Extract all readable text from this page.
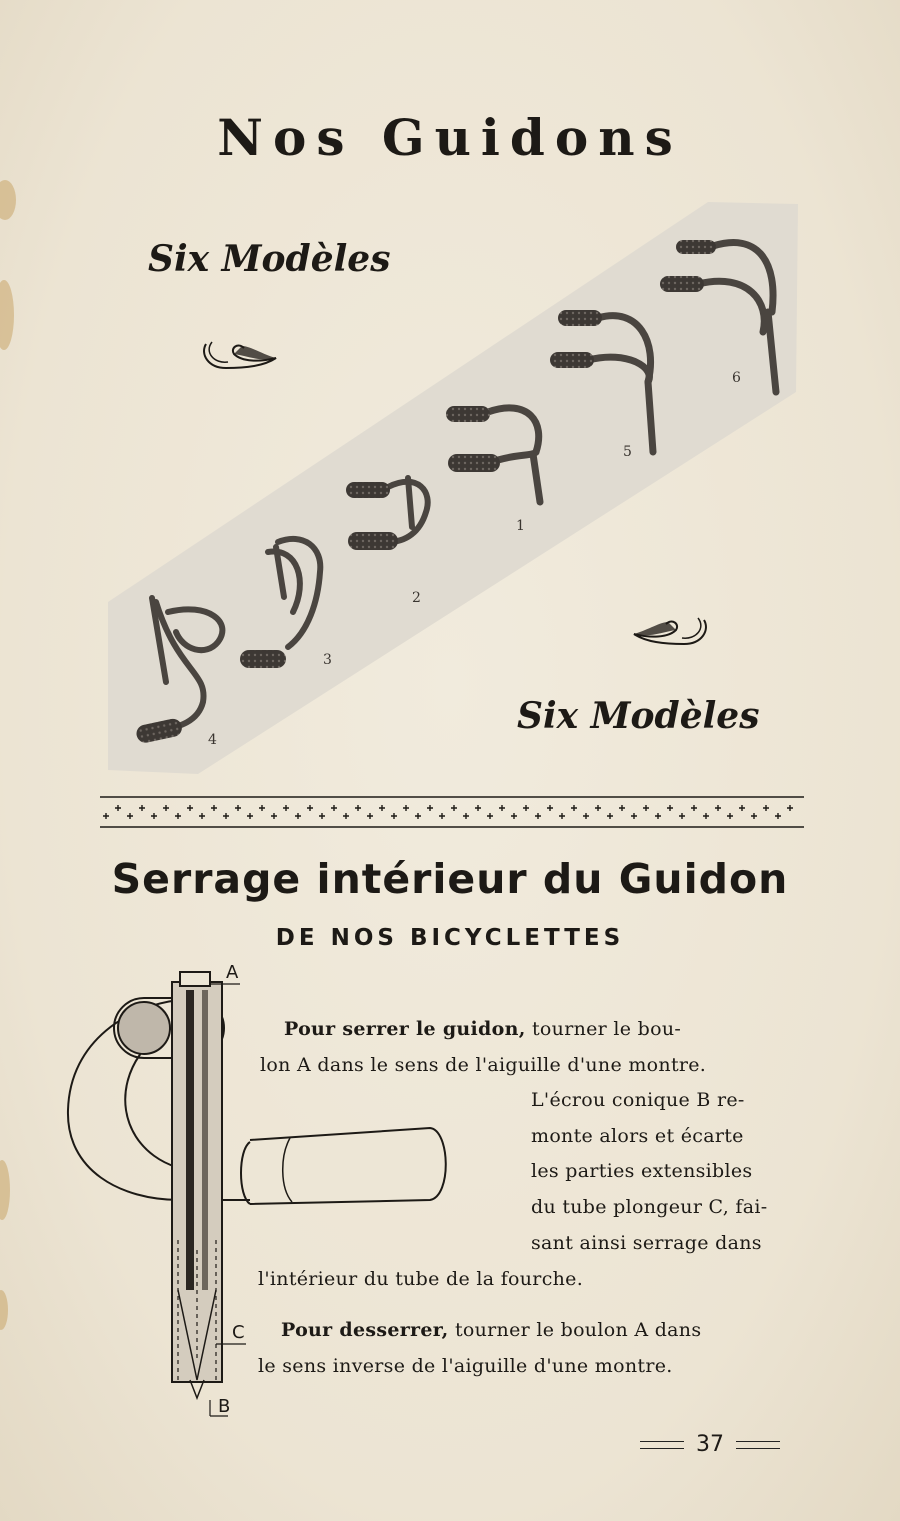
Nos Guidons
Six Modèles
4
3
2
1
5
6
Six Modèles
Serrage intérieur du Guidon
DE NOS BICYCLETTES
A
C
B
Pour serrer le guidon, tourner le bou-
lon A dans le sens de l'aiguille d'une montre.
L'écrou conique B re-
monte alors et écarte
les parties extensibles
du tube plongeur C, fai-
sant ainsi serrage dans
l'intérieur du tube de la fourche.
Pour desserrer, tourner le boulon A dans
le sens inverse de l'aiguille d'une montre.
37
